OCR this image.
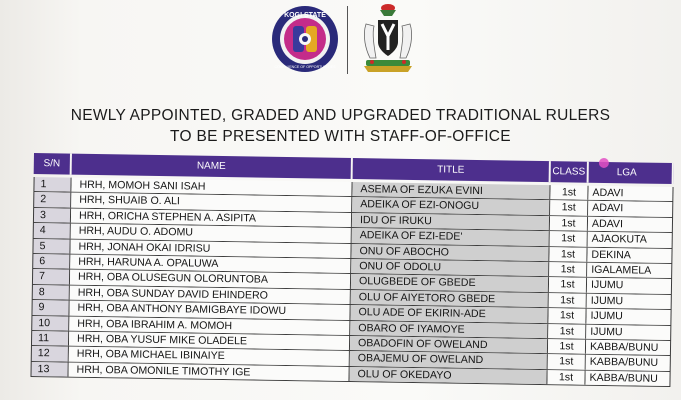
KOGI STATE
CONFLUENCE OF OPPORTUNITIES
NEWLY APPOINTED, GRADED AND UPGRADED TRADITIONAL RULERS
TO BE PRESENTED WITH STAFF-OF-OFFICE
S/N	NAME	TITLE	CLASS	LGA
1	HRH, MOMOH SANI ISAH	ASEMA OF EZUKA EVINI	1st	ADAVI
2	HRH, SHUAIB O. ALI	ADEIKA OF EZI-ONOGU	1st	ADAVI
3	HRH, ORICHA STEPHEN A. ASIPITA	IDU OF IRUKU	1st	ADAVI
4	HRH, AUDU O. ADOMU	ADEIKA OF EZI-EDE'	1st	AJAOKUTA
5	HRH, JONAH OKAI IDRISU	ONU OF ABOCHO	1st	DEKINA
6	HRH, HARUNA A. OPALUWA	ONU OF ODOLU	1st	IGALAMELA
7	HRH, OBA OLUSEGUN OLORUNTOBA	OLUGBEDE OF GBEDE	1st	IJUMU
8	HRH, OBA SUNDAY DAVID EHINDERO	OLU OF AIYETORO GBEDE	1st	IJUMU
9	HRH, OBA ANTHONY BAMIGBAYE IDOWU	OLU ADE OF EKIRIN-ADE	1st	IJUMU
10	HRH, OBA IBRAHIM A. MOMOH	OBARO OF IYAMOYE	1st	IJUMU
11	HRH, OBA YUSUF MIKE OLADELE	OBADOFIN OF OWELAND	1st	KABBA/BUNU
12	HRH, OBA MICHAEL IBINAIYE	OBAJEMU OF OWELAND	1st	KABBA/BUNU
13	HRH, OBA OMONILE TIMOTHY IGE	OLU OF OKEDAYO	1st	KABBA/BUNU
